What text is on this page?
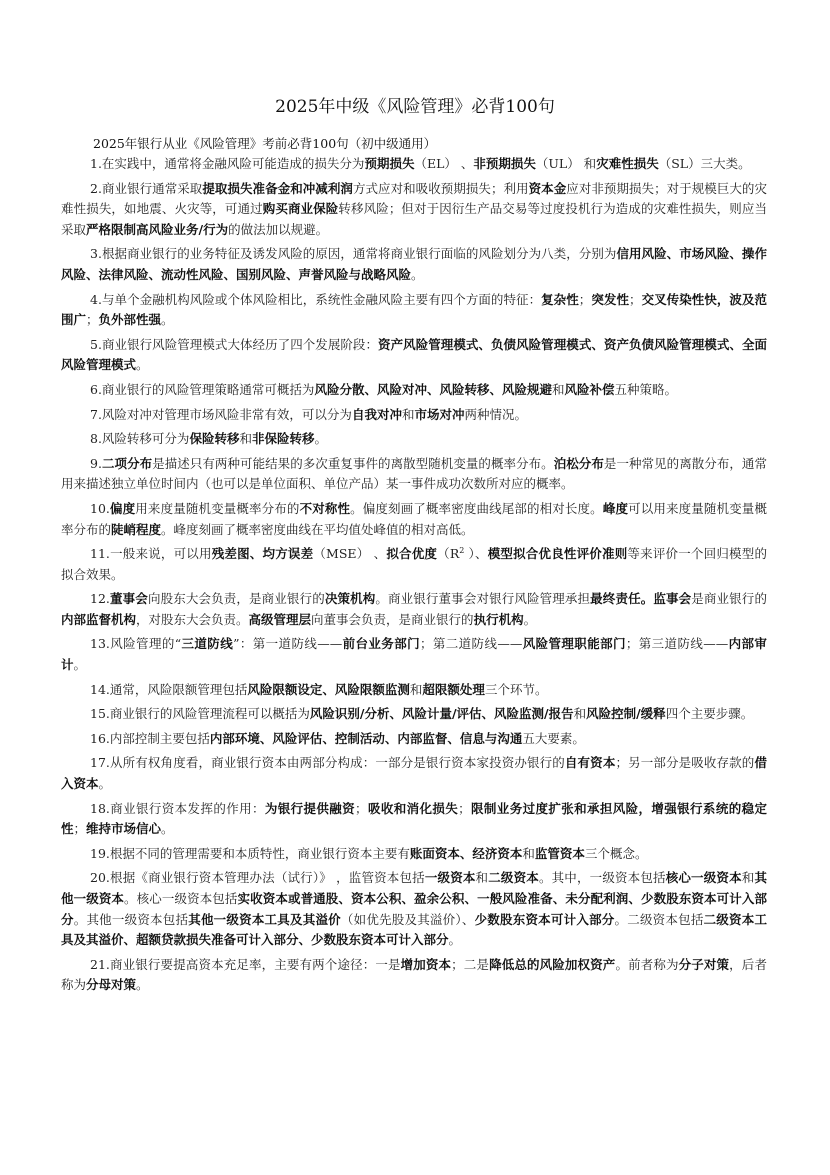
2025年中级《风险管理》必背100句

2025年银行从业《风险管理》考前必背100句（初中级通用）

1.在实践中，通常将金融风险可能造成的损失分为预期损失（EL） 、非预期损失（UL） 和灾难性损失（SL）三大类。

2.商业银行通常采取提取损失准备金和冲减利润方式应对和吸收预期损失；利用资本金应对非预期损失；对于规模巨大的灾难性损失，如地震、火灾等，可通过购买商业保险转移风险；但对于因衍生产品交易等过度投机行为造成的灾难性损失，则应当采取严格限制高风险业务/行为的做法加以规避。

3.根据商业银行的业务特征及诱发风险的原因，通常将商业银行面临的风险划分为八类，分别为信用风险、市场风险、操作风险、法律风险、流动性风险、国别风险、声誉风险与战略风险。

4.与单个金融机构风险或个体风险相比，系统性金融风险主要有四个方面的特征：复杂性；突发性；交叉传染性快，波及范围广；负外部性强。

5.商业银行风险管理模式大体经历了四个发展阶段：资产风险管理模式、负债风险管理模式、资产负债风险管理模式、全面风险管理模式。

6.商业银行的风险管理策略通常可概括为风险分散、风险对冲、风险转移、风险规避和风险补偿五种策略。

7.风险对冲对管理市场风险非常有效，可以分为自我对冲和市场对冲两种情况。

8.风险转移可分为保险转移和非保险转移。

9.二项分布是描述只有两种可能结果的多次重复事件的离散型随机变量的概率分布。泊松分布是一种常见的离散分布，通常用来描述独立单位时间内（也可以是单位面积、单位产品）某一事件成功次数所对应的概率。

10.偏度用来度量随机变量概率分布的不对称性。偏度刻画了概率密度曲线尾部的相对长度。峰度可以用来度量随机变量概率分布的陡峭程度。峰度刻画了概率密度曲线在平均值处峰值的相对高低。

11.一般来说，可以用残差图、均方误差（MSE） 、拟合优度（$R^2$ ）、模型拟合优良性评价准则等来评价一个回归模型的拟合效果。

12.董事会向股东大会负责，是商业银行的决策机构。商业银行董事会对银行风险管理承担最终责任。监事会是商业银行的内部监督机构，对股东大会负责。高级管理层向董事会负责，是商业银行的执行机构。

13.风险管理的“三道防线”：第一道防线——前台业务部门；第二道防线——风险管理职能部门；第三道防线——内部审计。

14.通常，风险限额管理包括风险限额设定、风险限额监测和超限额处理三个环节。

15.商业银行的风险管理流程可以概括为风险识别/分析、风险计量/评估、风险监测/报告和风险控制/缓释四个主要步骤。

16.内部控制主要包括内部环境、风险评估、控制活动、内部监督、信息与沟通五大要素。

17.从所有权角度看，商业银行资本由两部分构成：一部分是银行资本家投资办银行的自有资本；另一部分是吸收存款的借入资本。

18.商业银行资本发挥的作用：为银行提供融资；吸收和消化损失；限制业务过度扩张和承担风险，增强银行系统的稳定性；维持市场信心。

19.根据不同的管理需要和本质特性，商业银行资本主要有账面资本、经济资本和监管资本三个概念。

20.根据《商业银行资本管理办法（试行）》 ，监管资本包括一级资本和二级资本。其中，一级资本包括核心一级资本和其他一级资本。核心一级资本包括实收资本或普通股、资本公积、盈余公积、一般风险准备、未分配利润、少数股东资本可计入部分。其他一级资本包括其他一级资本工具及其溢价（如优先股及其溢价）、少数股东资本可计入部分。二级资本包括二级资本工具及其溢价、超额贷款损失准备可计入部分、少数股东资本可计入部分。

21.商业银行要提高资本充足率，主要有两个途径：一是增加资本；二是降低总的风险加权资产。前者称为分子对策，后者称为分母对策。
